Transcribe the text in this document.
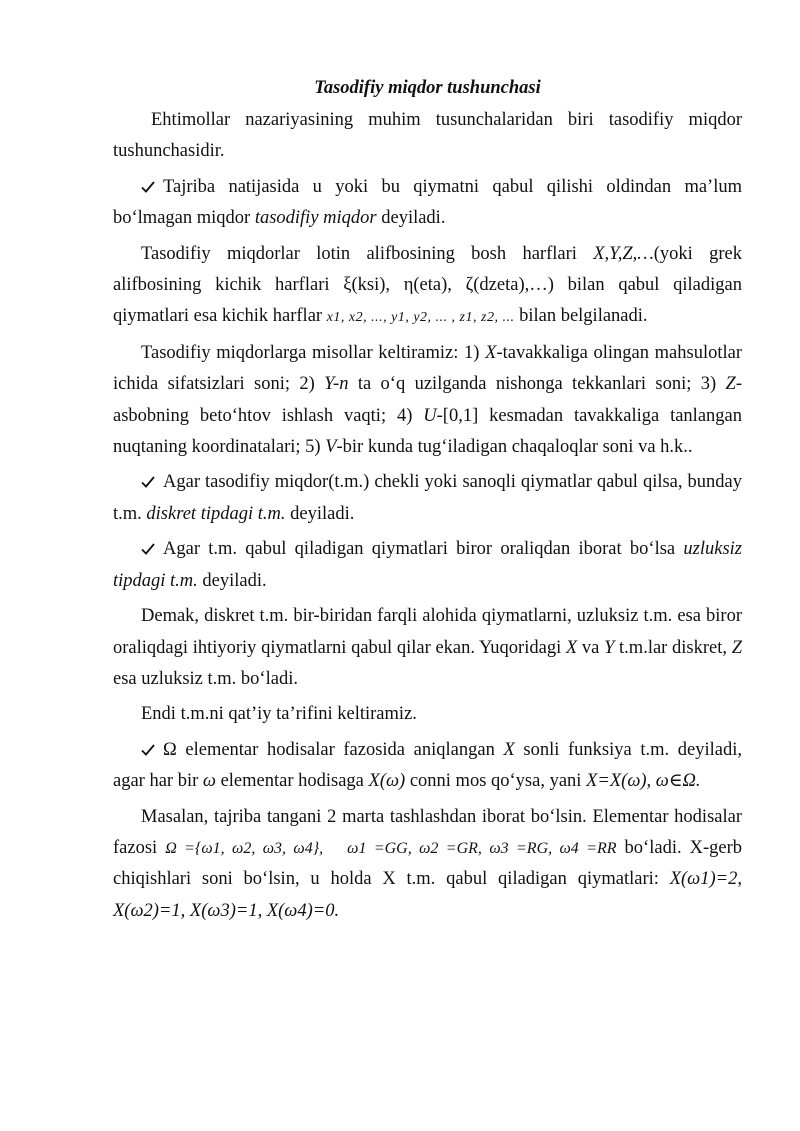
Tasodifiy miqdor tushunchasi

Ehtimollar nazariyasining muhim tusunchalaridan biri tasodifiy miqdor tushunchasidir.

Tajriba natijasida u yoki bu qiymatni qabul qilishi oldindan ma’lum bo‘lmagan miqdor tasodifiy miqdor deyiladi.

Tasodifiy miqdorlar lotin alifbosining bosh harflari X,Y,Z,…(yoki grek alifbosining kichik harflari ξ(ksi), η(eta), ζ(dzeta),…) bilan qabul qiladigan qiymatlari esa kichik harflar x1, x2, ..., y1, y2, ... , z1, z2, ... bilan belgilanadi.

Tasodifiy miqdorlarga misollar keltiramiz: 1) X-tavakkaliga olingan mahsulotlar ichida sifatsizlari soni; 2) Y-n ta o‘q uzilganda nishonga tekkanlari soni; 3) Z-asbobning beto‘htov ishlash vaqti; 4) U-[0,1] kesmadan tavakkaliga tanlangan nuqtaning koordinatalari; 5) V-bir kunda tug‘iladigan chaqaloqlar soni va h.k..

Agar tasodifiy miqdor(t.m.) chekli yoki sanoqli qiymatlar qabul qilsa, bunday t.m. diskret tipdagi t.m. deyiladi.

Agar t.m. qabul qiladigan qiymatlari biror oraliqdan iborat bo‘lsa uzluksiz tipdagi t.m. deyiladi.

Demak, diskret t.m. bir-biridan farqli alohida qiymatlarni, uzluksiz t.m. esa biror oraliqdagi ihtiyoriy qiymatlarni qabul qilar ekan. Yuqoridagi X va Y t.m.lar diskret, Z esa uzluksiz t.m. bo‘ladi.

Endi t.m.ni qat’iy ta’rifini keltiramiz.

Ω elementar hodisalar fazosida aniqlangan X sonli funksiya t.m. deyiladi, agar har bir ω elementar hodisaga X(ω) conni mos qo‘ysa, yani X=X(ω), ω∈Ω.

Masalan, tajriba tangani 2 marta tashlashdan iborat bo‘lsin. Elementar hodisalar fazosi Ω ={ω1, ω2, ω3, ω4}, ω1 =GG, ω2 =GR, ω3 =RG, ω4 =RR bo‘ladi. X-gerb chiqishlari soni bo‘lsin, u holda X t.m. qabul qiladigan qiymatlari: X(ω1)=2, X(ω2)=1, X(ω3)=1, X(ω4)=0.
